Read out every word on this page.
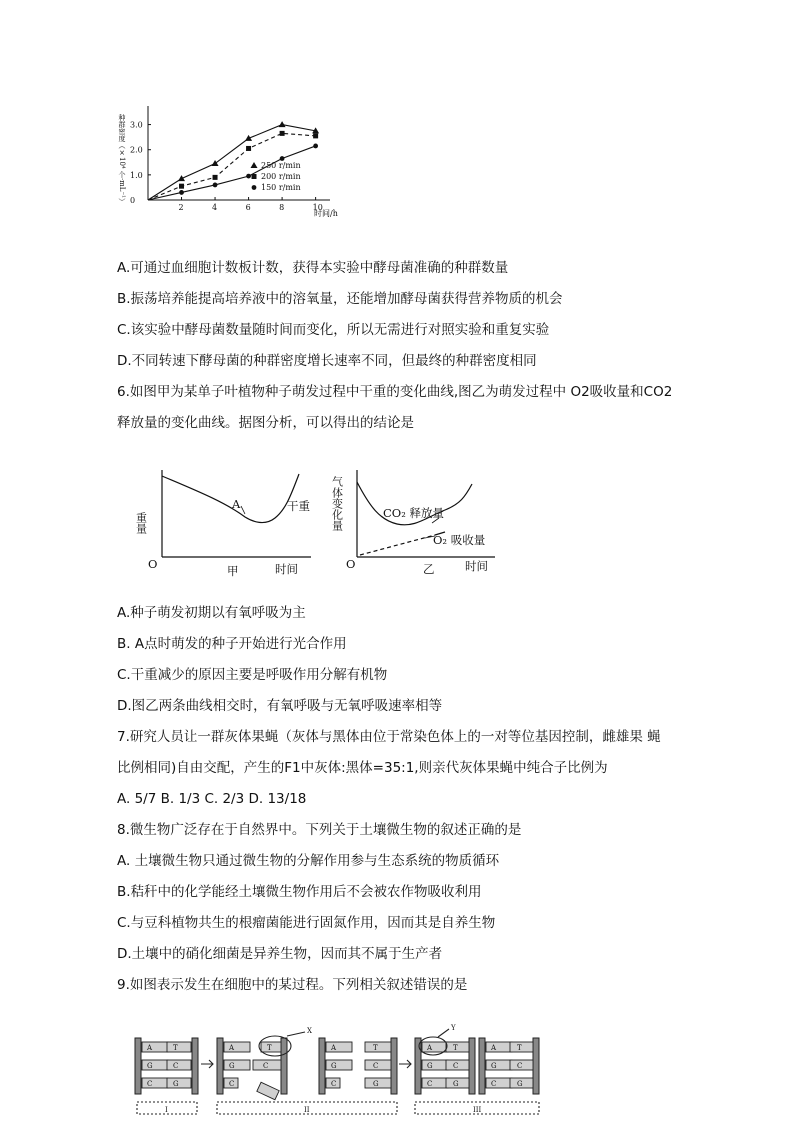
2	4	6	8	10
0
1.0
2.0
3.0
时间/h
种群密度（×10⁴ 个·mL⁻¹）	250 r/min
200 r/min
150 r/min
A.可通过血细胞计数板计数，获得本实验中酵母菌准确的种群数量
B.振荡培养能提高培养液中的溶氧量，还能增加酵母菌获得营养物质的机会
C.该实验中酵母菌数量随时间而变化，所以无需进行对照实验和重复实验
D.不同转速下酵母菌的种群密度增长速率不同，但最终的种群密度相同
6.如图甲为某单子叶植物种子萌发过程中干重的变化曲线,图乙为萌发过程中 O2吸收量和CO2
释放量的变化曲线。据图分析，可以得出的结论是
O	时间
甲
A	干重
重量
O	时间
乙
CO₂ 释放量
O₂ 吸收量
气体变化量
A.种子萌发初期以有氧呼吸为主
B. A点时萌发的种子开始进行光合作用
C.干重减少的原因主要是呼吸作用分解有机物
D.图乙两条曲线相交时，有氧呼吸与无氧呼吸速率相等
7.研究人员让一群灰体果蝇（灰体与黑体由位于常染色体上的一对等位基因控制，雌雄果 蝇
比例相同)自由交配，产生的F1中灰体:黑体=35:1,则亲代灰体果蝇中纯合子比例为
A. 5/7 B. 1/3 C. 2/3 D. 13/18
8.微生物广泛存在于自然界中。下列关于土壤微生物的叙述正确的是
A. 土壤微生物只通过微生物的分解作用参与生态系统的物质循环
B.秸秆中的化学能经土壤微生物作用后不会被农作物吸收利用
C.与豆科植物共生的根瘤菌能进行固氮作用，因而其是自养生物
D.土壤中的硝化细菌是异养生物，因而其不属于生产者
9.如图表示发生在细胞中的某过程。下列相关叙述错误的是
A	T
G	C
C	G
A
G
C
T
C
A
G
C
T
C
G
A	T
G	C
C	G
A	T
G	C
C	G
X	Y
I	II	III
